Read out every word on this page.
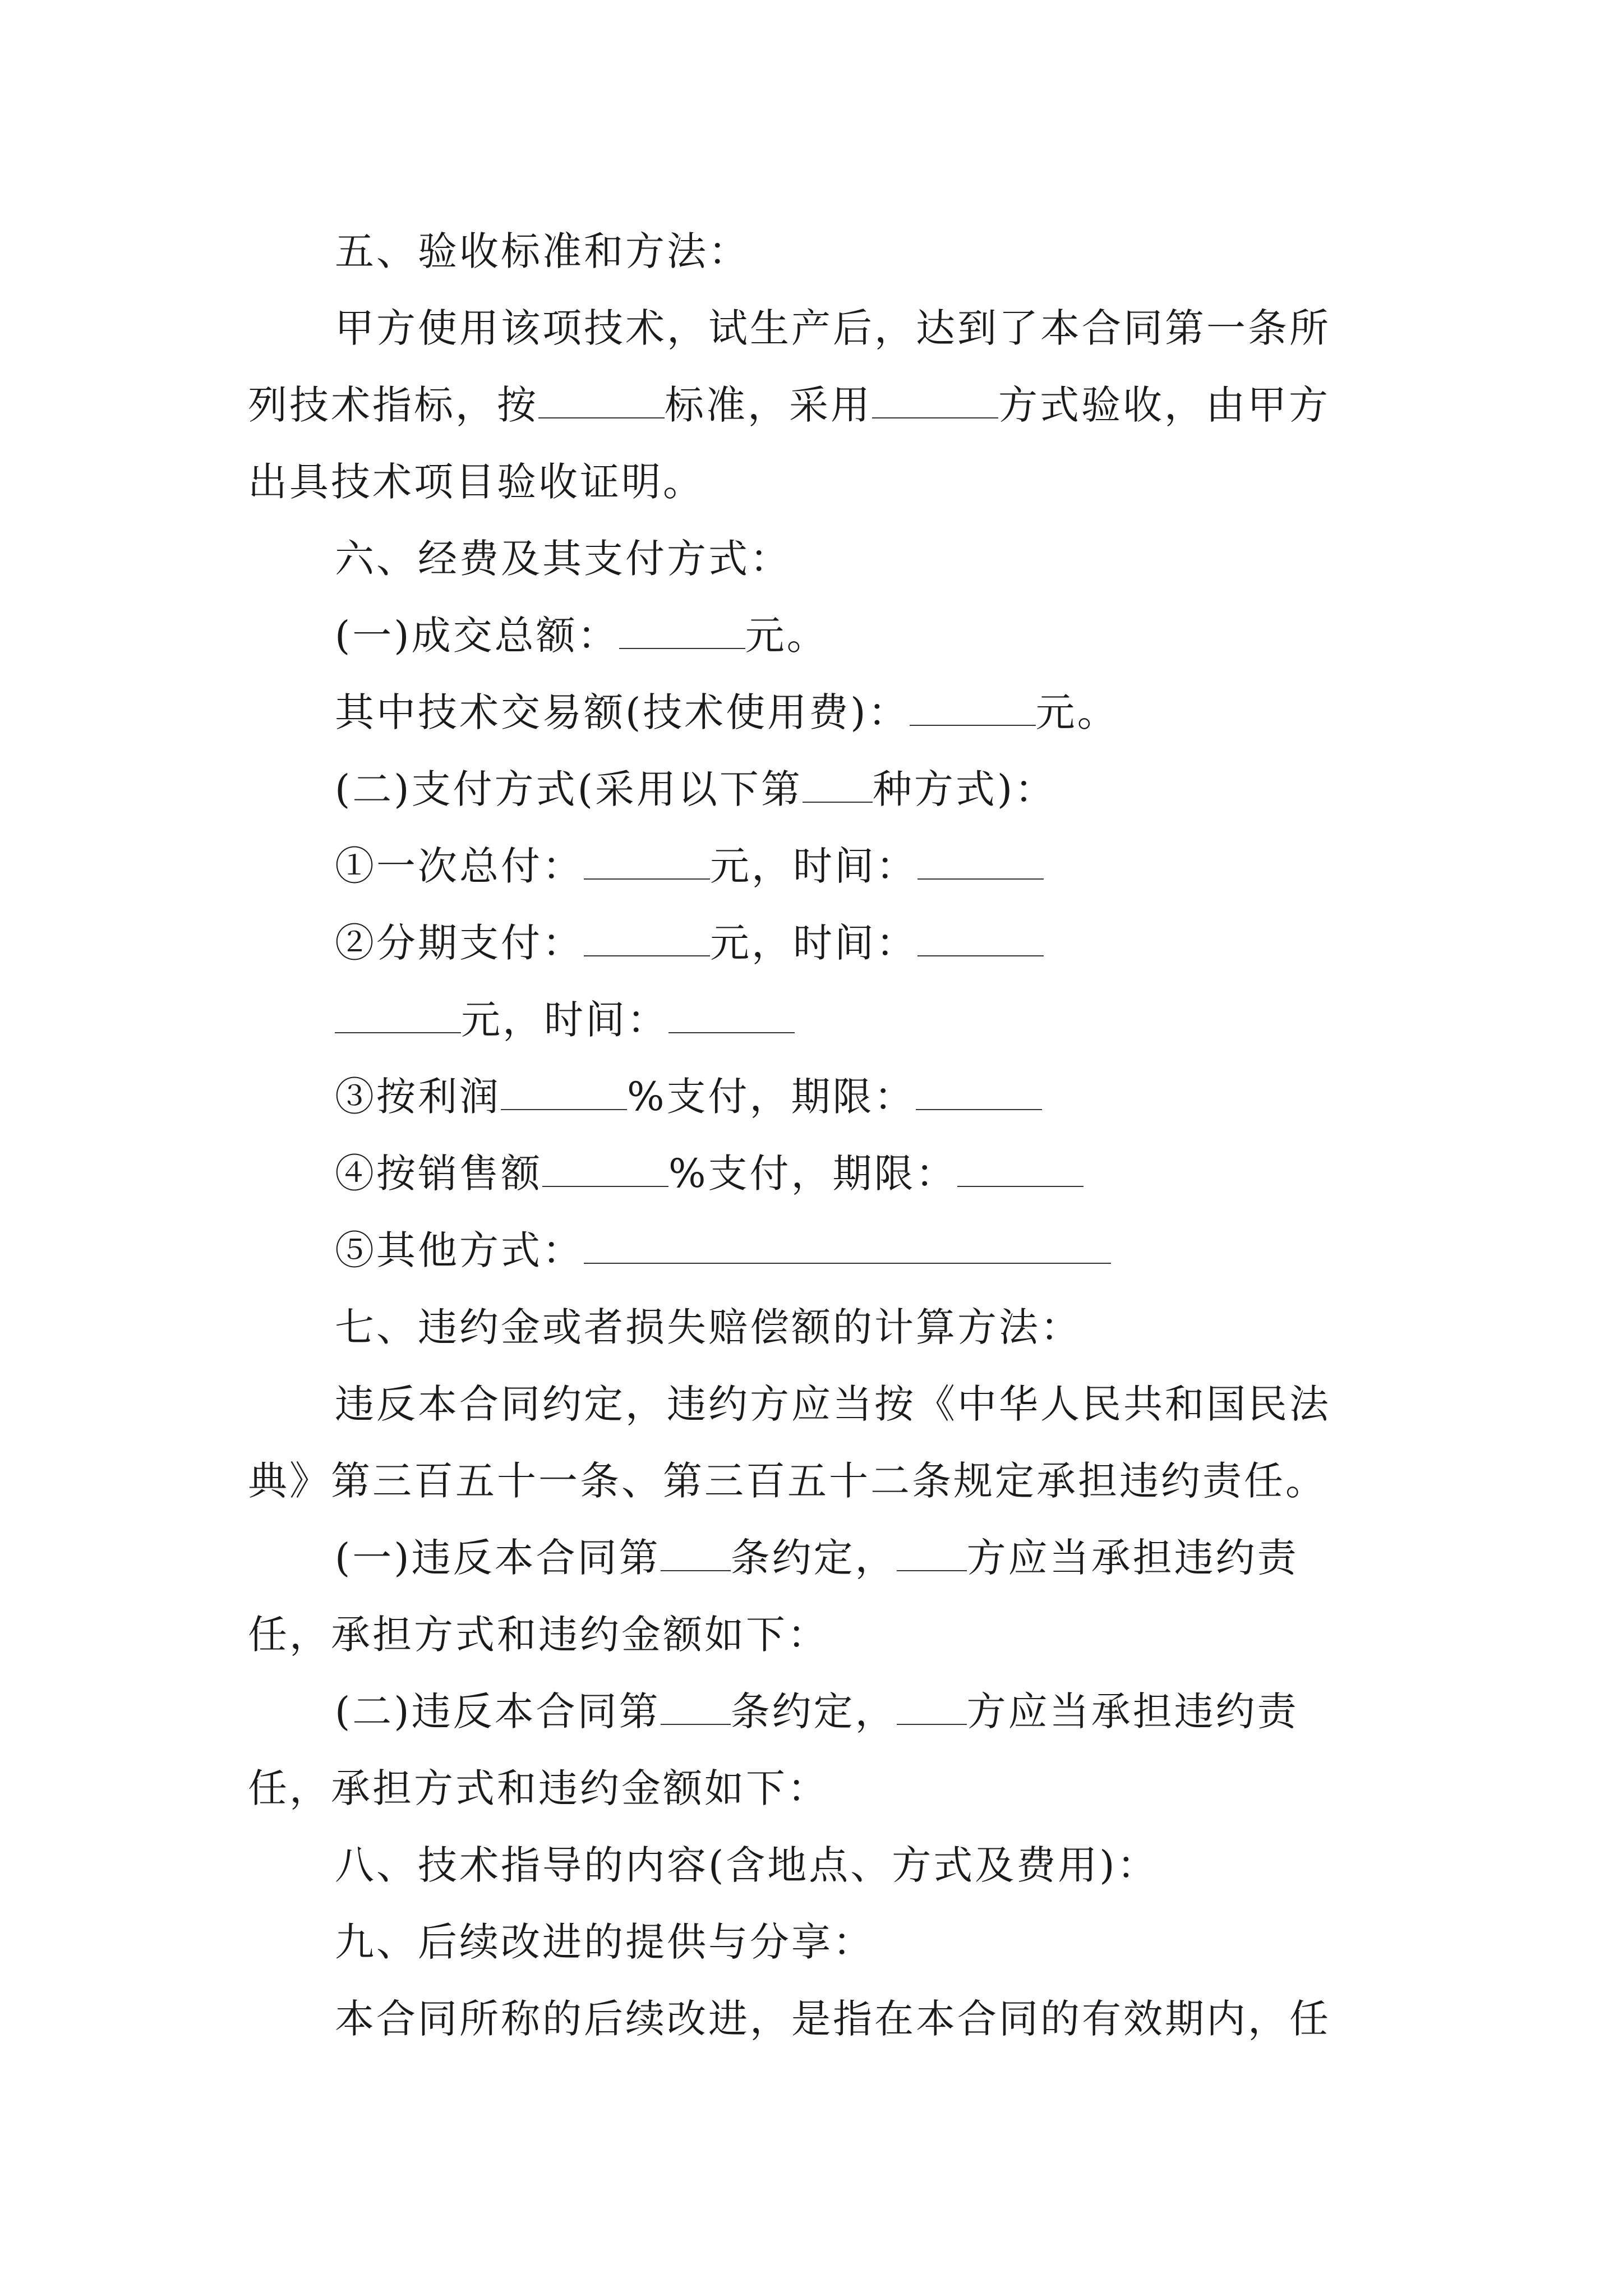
五、验收标准和方法：
甲方使用该项技术，试生产后，达到了本合同第一条所
列技术指标，按	标准，采用	方式验收，由甲方
出具技术项目验收证明。
六、经费及其支付方式：
(一)成交总额：	元。
其中技术交易额(技术使用费)：	元。
(二)支付方式(采用以下第 种方式)：
①一次总付：	元，时间：
②分期支付：	元，时间：
元，时间：
③按利润	%支付，期限：
④按销售额	%支付，期限：
⑤其他方式：
七、违约金或者损失赔偿额的计算方法：
违反本合同约定，违约方应当按《中华人民共和国民法
典》第三百五十一条、第三百五十二条规定承担违约责任。
(一)违反本合同第 条约定， 方应当承担违约责
任，承担方式和违约金额如下：
(二)违反本合同第 条约定， 方应当承担违约责
任，承担方式和违约金额如下：
八、技术指导的内容(含地点、方式及费用)：
九、后续改进的提供与分享：
本合同所称的后续改进，是指在本合同的有效期内，任
